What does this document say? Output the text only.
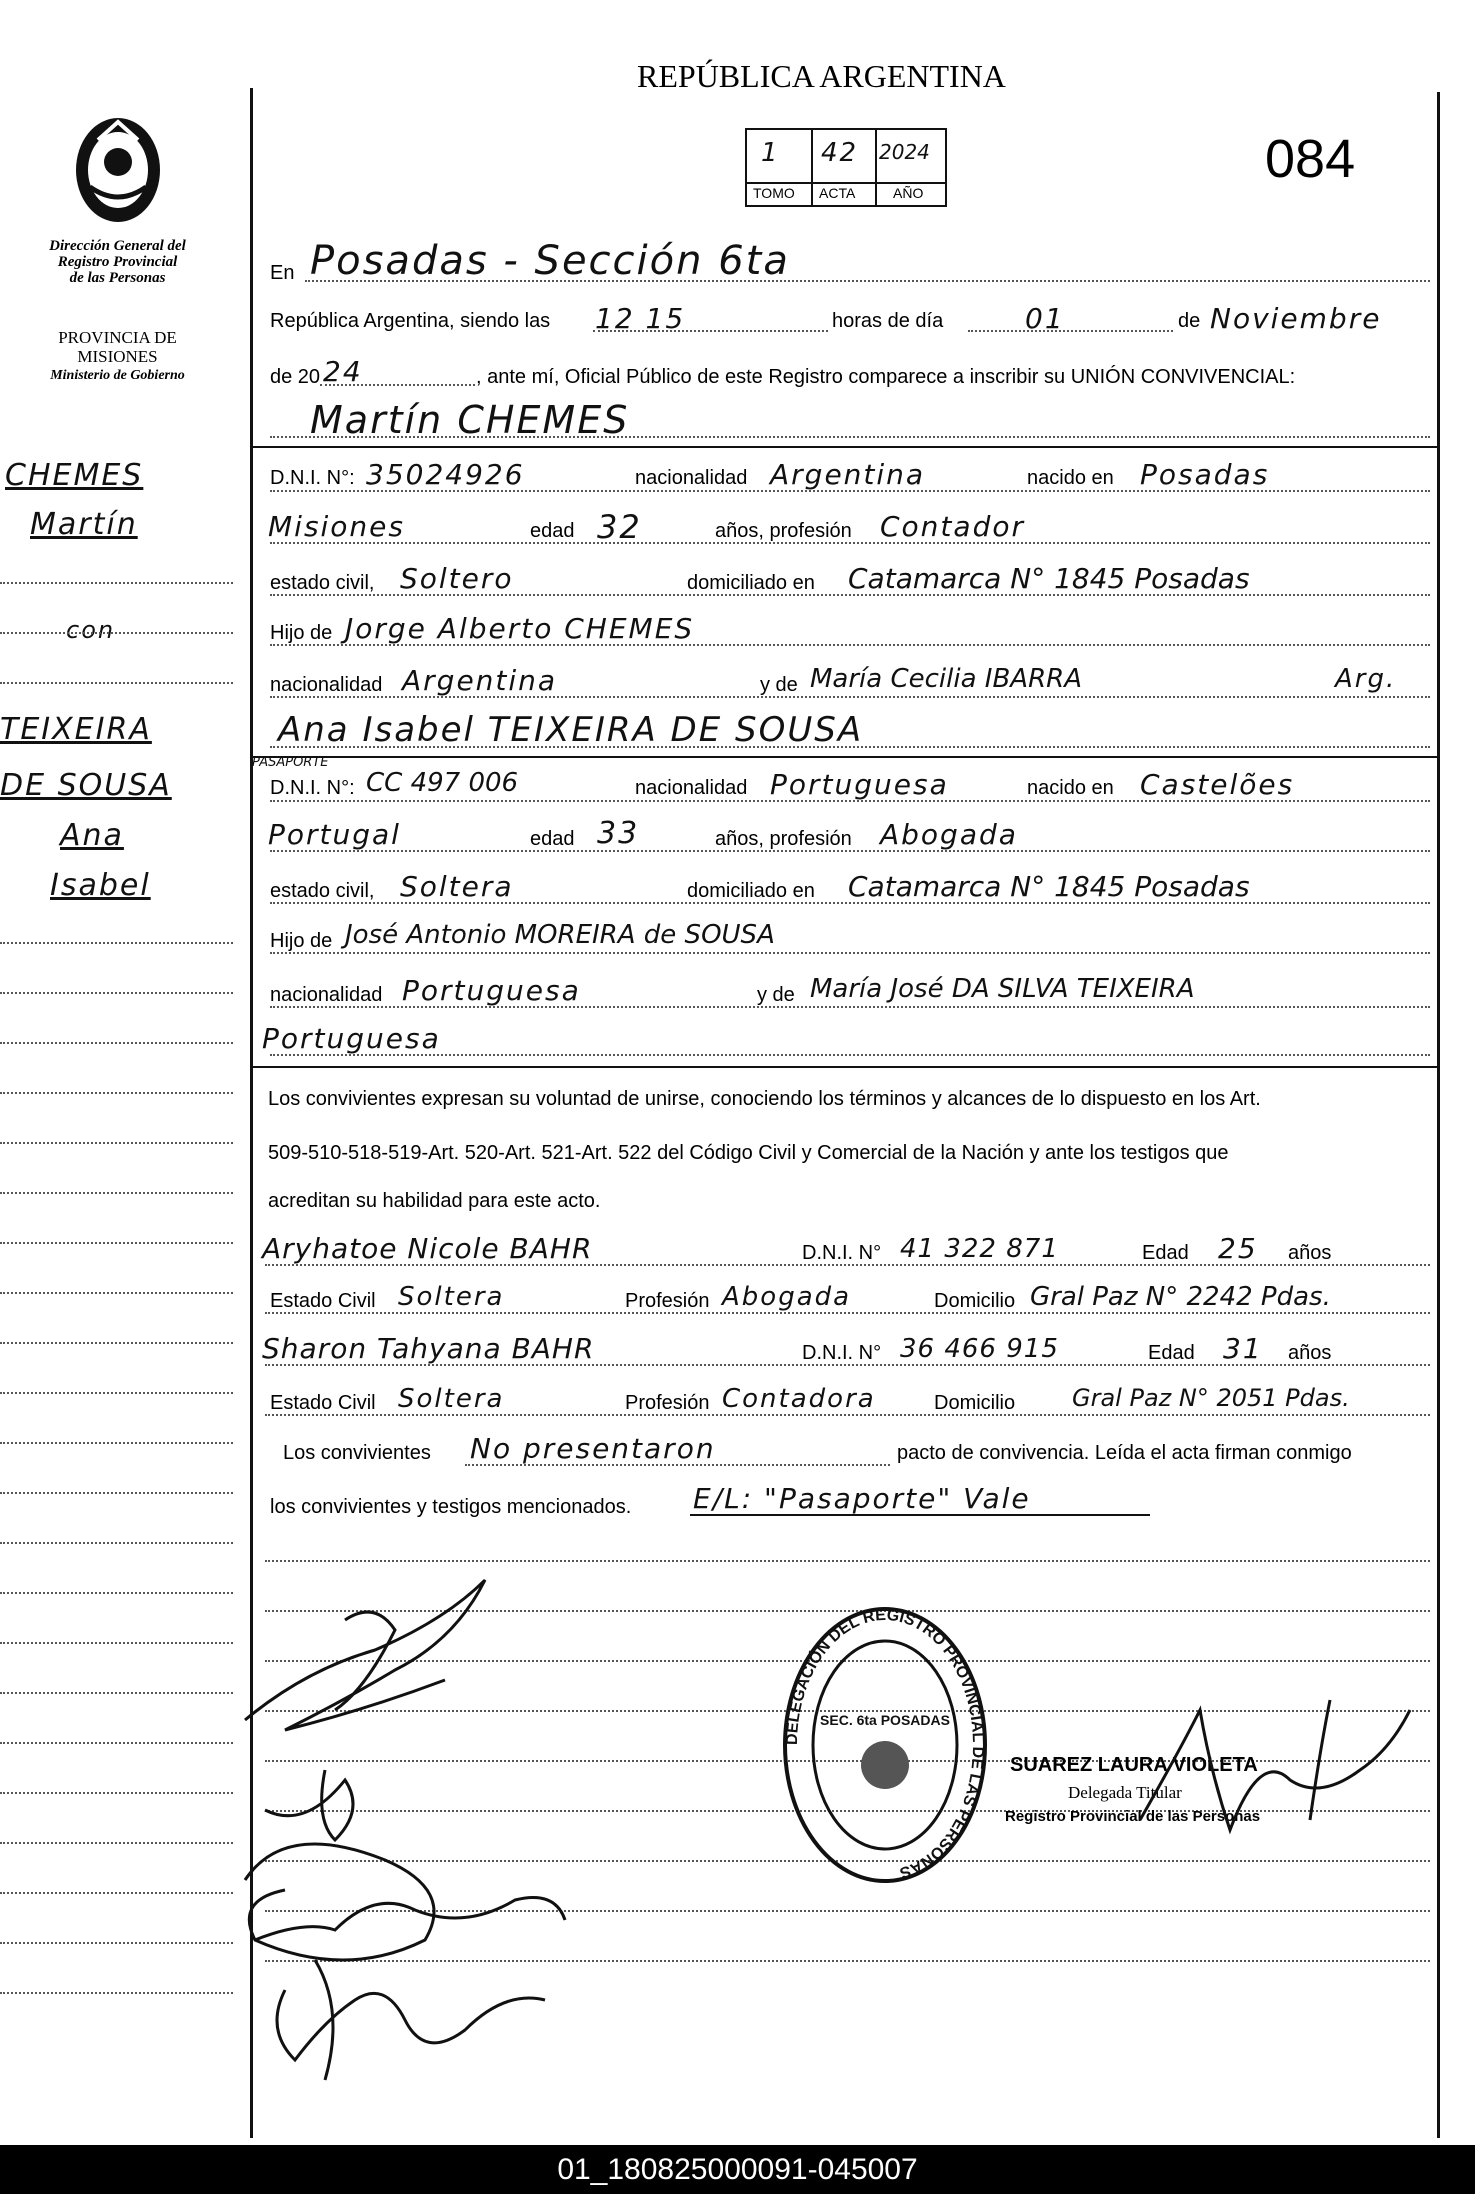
REPÚBLICA ARGENTINA
084
1 42 2024
TOMO ACTA	AÑO
Dirección General del
Registro Provincial
de las Personas
PROVINCIA DE
MISIONES
Ministerio de Gobierno
CHEMES
Martín
con
TEIXEIRA
DE SOUSA
Ana
Isabel
En Posadas - Sección 6ta
República Argentina, siendo las 12 15	horas de día	01	de Noviembre
de 20 24	, ante mí, Oficial Público de este Registro comparece a inscribir su UNIÓN CONVIVENCIAL:
Martín CHEMES
D.N.I. N°: 35024926	nacionalidad Argentina	nacido en Posadas
Misiones	edad 32	años, profesión Contador
estado civil, Soltero	domiciliado en Catamarca N° 1845 Posadas
Hijo de Jorge Alberto CHEMES
nacionalidad Argentina	y de María Cecilia IBARRA	Arg.
Ana Isabel TEIXEIRA DE SOUSA
PASAPORTE
D.N.I. N°: CC 497 006	nacionalidad Portuguesa	nacido en Castelões
Portugal	edad 33	años, profesión Abogada
estado civil, Soltera	domiciliado en Catamarca N° 1845 Posadas
Hijo de José Antonio MOREIRA de SOUSA
nacionalidad Portuguesa	y de María José DA SILVA TEIXEIRA
Portuguesa
Los convivientes expresan su voluntad de unirse, conociendo los términos y alcances de lo dispuesto en los Art.
509-510-518-519-Art. 520-Art. 521-Art. 522 del Código Civil y Comercial de la Nación y ante los testigos que
acreditan su habilidad para este acto.
Aryhatoe Nicole BAHR	D.N.I. N° 41 322 871	Edad 25 años
Estado Civil Soltera	Profesión Abogada	Domicilio Gral Paz N° 2242 Pdas.
Sharon Tahyana BAHR	D.N.I. N° 36 466 915	Edad 31 años
Estado Civil Soltera	Profesión Contadora	Domicilio Gral Paz N° 2051 Pdas.
Los convivientes No presentaron	pacto de convivencia. Leída el acta firman conmigo
los convivientes y testigos mencionados. E/L: "Pasaporte" Vale
DELEGACIÓN DEL REGISTRO PROVINCIAL DE LAS PERSONAS
SEC. 6ta POSADAS
SUAREZ LAURA VIOLETA
Delegada Titular
Registro Provincial de las Personas
01_180825000091-045007
